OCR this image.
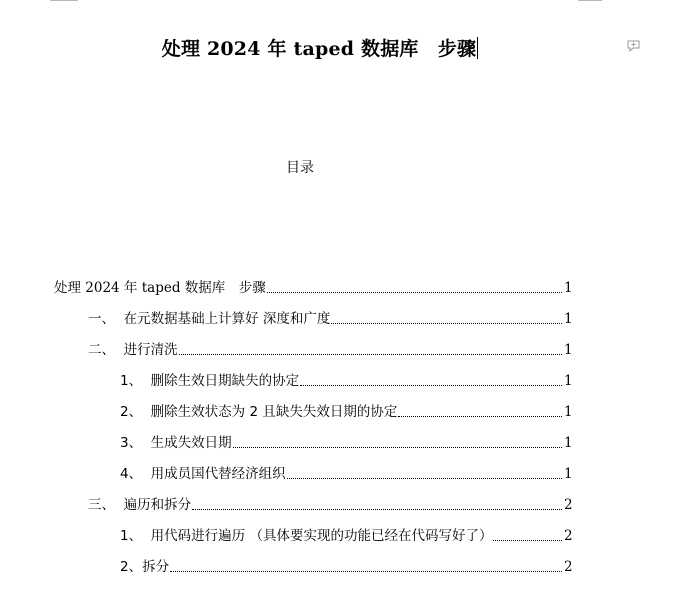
处理 2024 年 taped 数据库　步骤
目录
处理 2024 年 taped 数据库　步骤	1
一、  在元数据基础上计算好 深度和广度	1
二、  进行清洗	1
1、  删除生效日期缺失的协定	1
2、  删除生效状态为 2 且缺失失效日期的协定	1
3、  生成失效日期	1
4、  用成员国代替经济组织	1
三、  遍历和拆分	2
1、  用代码进行遍历 （具体要实现的功能已经在代码写好了）	2
2、拆分	2
